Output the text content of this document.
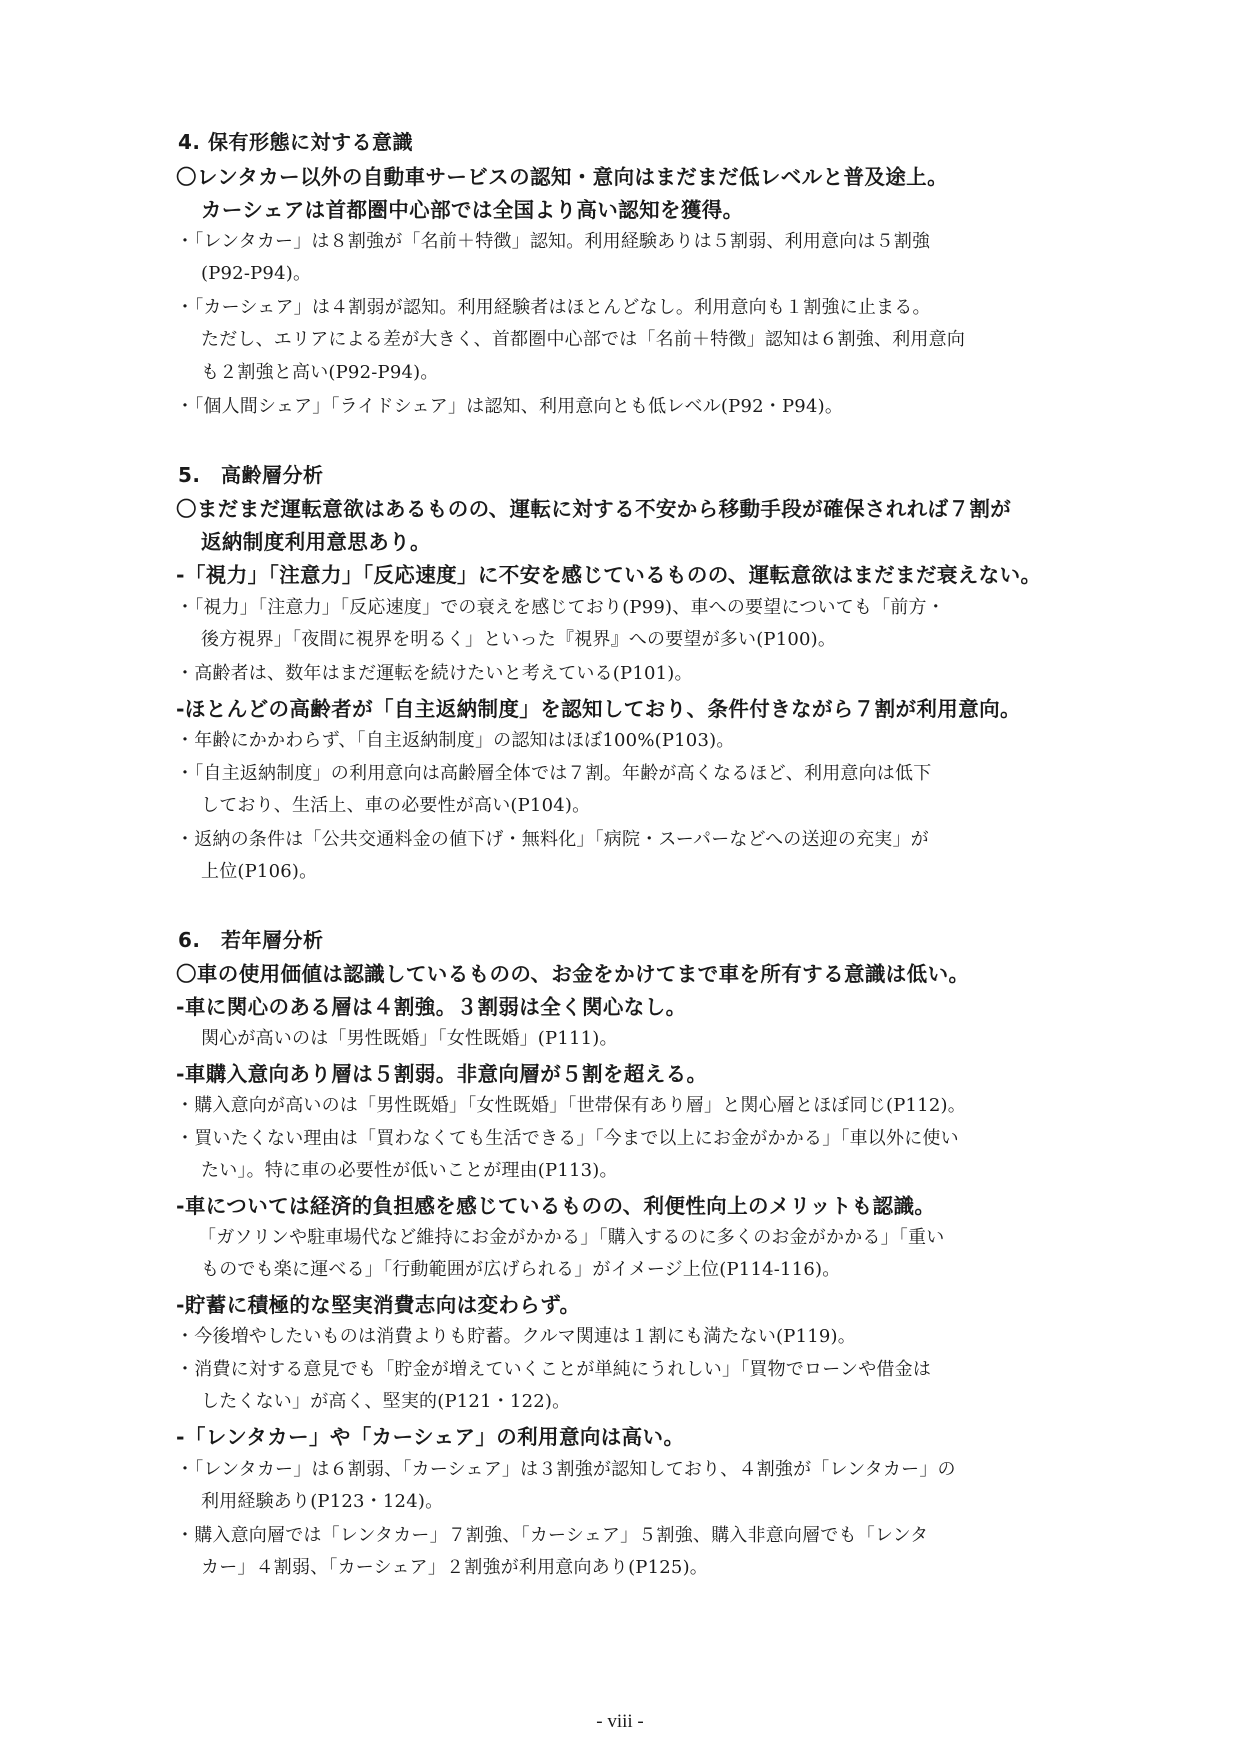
4. 保有形態に対する意識
〇レンタカー以外の自動車サービスの認知・意向はまだまだ低レベルと普及途上。
カーシェアは首都圏中心部では全国より高い認知を獲得。
・「レンタカー」は８割強が「名前＋特徴」認知。利用経験ありは５割弱、利用意向は５割強
(P92-P94)。
・「カーシェア」は４割弱が認知。利用経験者はほとんどなし。利用意向も１割強に止まる。
ただし、エリアによる差が大きく、首都圏中心部では「名前＋特徴」認知は６割強、利用意向
も２割強と高い(P92-P94)。
・「個人間シェア」「ライドシェア」は認知、利用意向とも低レベル(P92・P94)。
5.　高齢層分析
〇まだまだ運転意欲はあるものの、運転に対する不安から移動手段が確保されれば７割が
返納制度利用意思あり。
-「視力」「注意力」「反応速度」に不安を感じているものの、運転意欲はまだまだ衰えない。
・「視力」「注意力」「反応速度」での衰えを感じており(P99)、車への要望についても「前方・
後方視界」「夜間に視界を明るく」といった『視界』への要望が多い(P100)。
・高齢者は、数年はまだ運転を続けたいと考えている(P101)。
-ほとんどの高齢者が「自主返納制度」を認知しており、条件付きながら７割が利用意向。
・年齢にかかわらず、「自主返納制度」の認知はほぼ100%(P103)。
・「自主返納制度」の利用意向は高齢層全体では７割。年齢が高くなるほど、利用意向は低下
しており、生活上、車の必要性が高い(P104)。
・返納の条件は「公共交通料金の値下げ・無料化」「病院・スーパーなどへの送迎の充実」が
上位(P106)。
6.　若年層分析
〇車の使用価値は認識しているものの、お金をかけてまで車を所有する意識は低い。
-車に関心のある層は４割強。３割弱は全く関心なし。
関心が高いのは「男性既婚」「女性既婚」(P111)。
-車購入意向あり層は５割弱。非意向層が５割を超える。
・購入意向が高いのは「男性既婚」「女性既婚」「世帯保有あり層」と関心層とほぼ同じ(P112)。
・買いたくない理由は「買わなくても生活できる」「今まで以上にお金がかかる」「車以外に使い
たい」。特に車の必要性が低いことが理由(P113)。
-車については経済的負担感を感じているものの、利便性向上のメリットも認識。
「ガソリンや駐車場代など維持にお金がかかる」「購入するのに多くのお金がかかる」「重い
ものでも楽に運べる」「行動範囲が広げられる」がイメージ上位(P114-116)。
-貯蓄に積極的な堅実消費志向は変わらず。
・今後増やしたいものは消費よりも貯蓄。クルマ関連は１割にも満たない(P119)。
・消費に対する意見でも「貯金が増えていくことが単純にうれしい」「買物でローンや借金は
したくない」が高く、堅実的(P121・122)。
-「レンタカー」や「カーシェア」の利用意向は高い。
・「レンタカー」は６割弱、「カーシェア」は３割強が認知しており、４割強が「レンタカー」の
利用経験あり(P123・124)。
・購入意向層では「レンタカー」７割強、「カーシェア」５割強、購入非意向層でも「レンタ
カー」４割弱、「カーシェア」２割強が利用意向あり(P125)。
- viii -
